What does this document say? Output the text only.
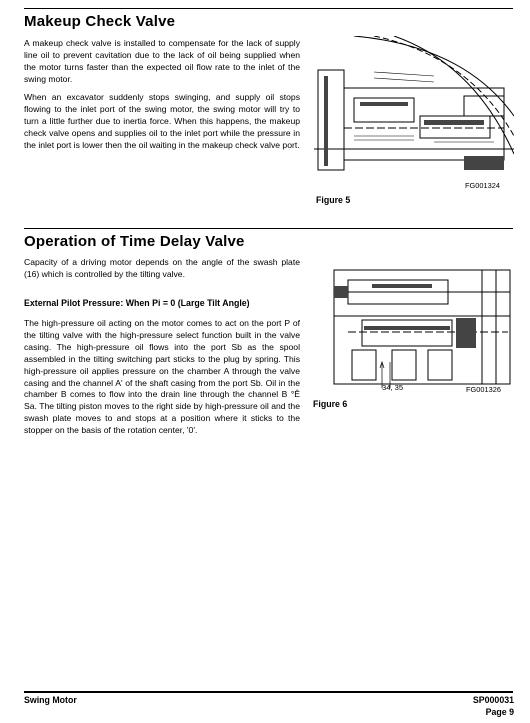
Makeup Check Valve

A makeup check valve is installed to compensate for the lack of supply line oil to prevent cavitation due to the lack of oil being supplied when the motor turns faster than the expected oil flow rate to the inlet of the swing motor.

When an excavator suddenly stops swinging, and supply oil stops flowing to the inlet port of the swing motor, the swing motor will try to turn a little further due to inertia force. When this happens, the makeup check valve opens and supplies oil to the inlet port while the pressure in the inlet port is lower then the oil waiting in the makeup check valve port.

FG001324
Figure 5
Operation of Time Delay Valve

Capacity of a driving motor depends on the angle of the swash plate (16) which is controlled by the tilting valve.

External Pilot Pressure: When Pi = 0 (Large Tilt Angle)

The high-pressure oil acting on the motor comes to act on the port P of the tilting valve with the high-pressure select function built in the valve casing. The high-pressure oil flows into the port Sb as the spool assembled in the tilting switching part sticks to the plug by spring. This high-pressure oil applies pressure on the chamber A through the valve casing and the channel A' of the shaft casing from the port Sb. Oil in the chamber B comes to flow into the drain line through the channel B °Ê Sa. The tilting piston moves to the right side by high-pressure oil and the swash plate moves to and stops at a position where it sticks to the stopper on the basis of the rotation center, '0'.

34, 35	FG001326
Figure 6
Swing Motor	SP000031
Page 9
